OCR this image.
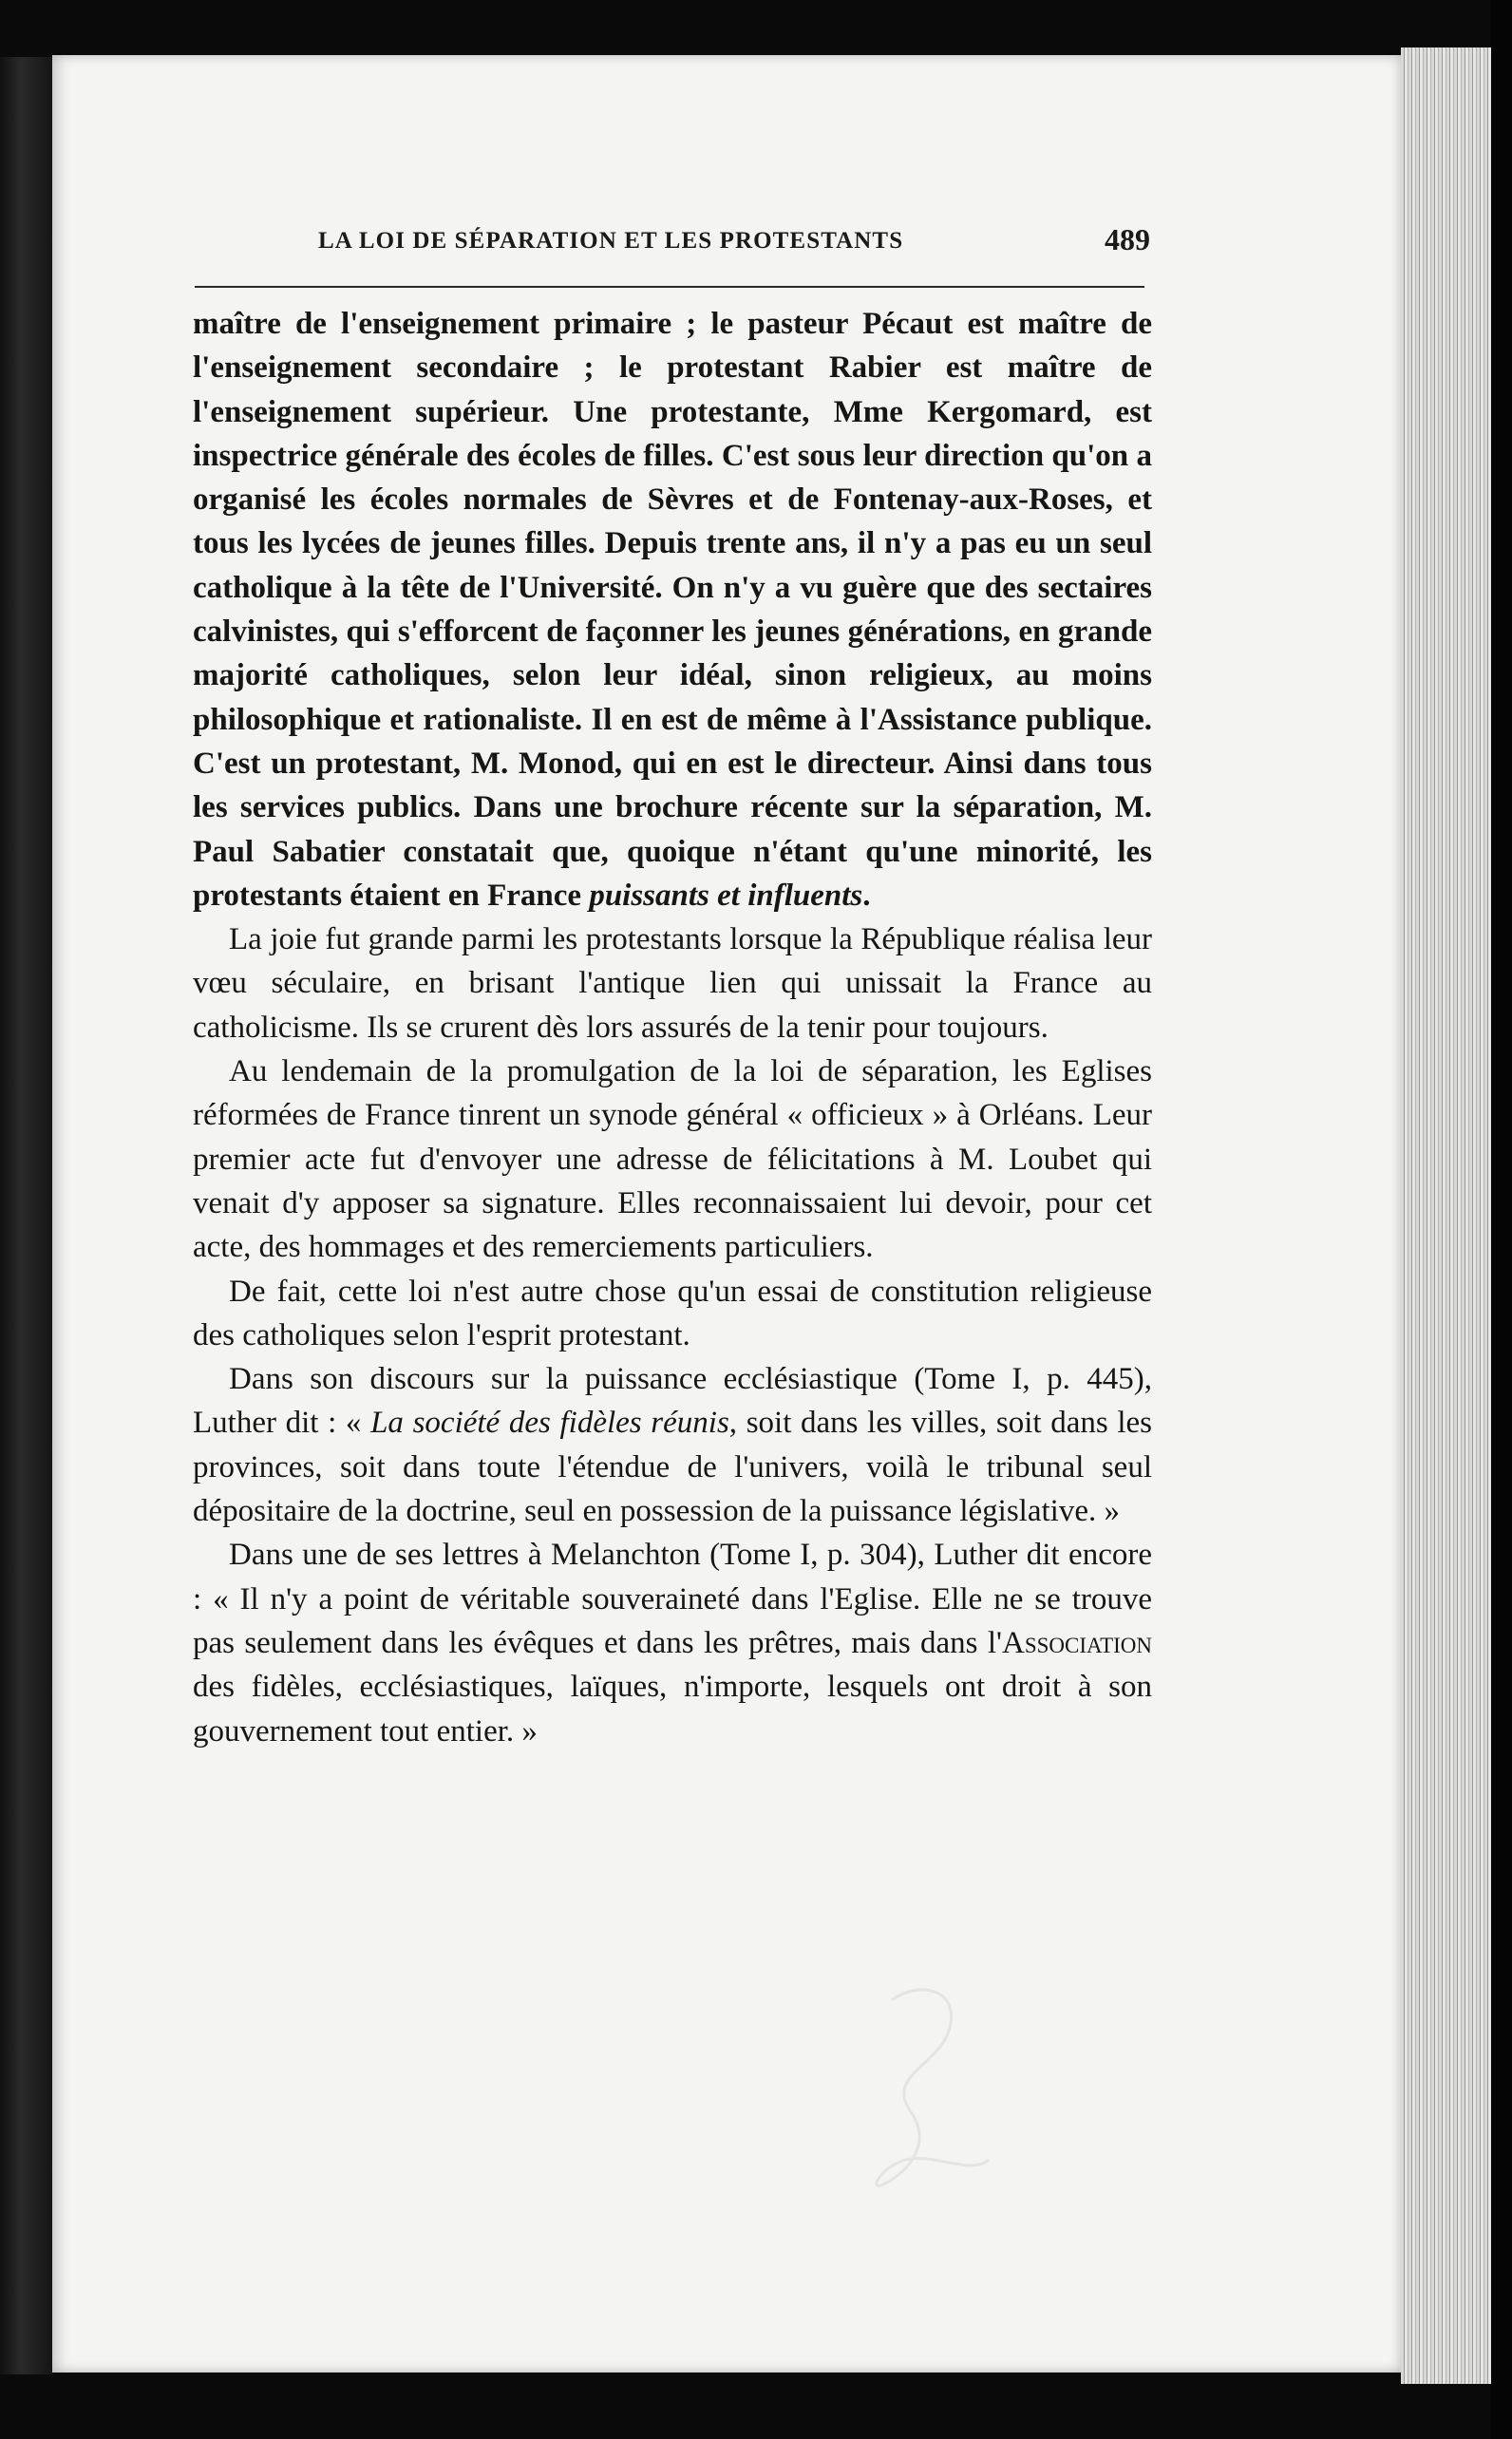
LA LOI DE SÉPARATION ET LES PROTESTANTS	489

maître de l'enseignement primaire ; le pasteur Pécaut est maître de l'enseignement secondaire ; le protestant Rabier est maître de l'enseignement supérieur. Une protestante, Mme Kergomard, est inspectrice générale des écoles de filles. C'est sous leur direction qu'on a organisé les écoles normales de Sèvres et de Fontenay-aux-Roses, et tous les lycées de jeunes filles. Depuis trente ans, il n'y a pas eu un seul catholique à la tête de l'Université. On n'y a vu guère que des sectaires calvinistes, qui s'efforcent de façonner les jeunes générations, en grande majorité catholiques, selon leur idéal, sinon religieux, au moins philosophique et rationaliste. Il en est de même à l'Assistance publique. C'est un protestant, M. Monod, qui en est le directeur. Ainsi dans tous les services publics. Dans une brochure récente sur la séparation, M. Paul Sabatier constatait que, quoique n'étant qu'une minorité, les protestants étaient en France puissants et influents.

La joie fut grande parmi les protestants lorsque la République réalisa leur vœu séculaire, en brisant l'antique lien qui unissait la France au catholicisme. Ils se crurent dès lors assurés de la tenir pour toujours.

Au lendemain de la promulgation de la loi de séparation, les Eglises réformées de France tinrent un synode général « officieux » à Orléans. Leur premier acte fut d'envoyer une adresse de félicitations à M. Loubet qui venait d'y apposer sa signature. Elles reconnaissaient lui devoir, pour cet acte, des hommages et des remerciements particuliers.

De fait, cette loi n'est autre chose qu'un essai de constitution religieuse des catholiques selon l'esprit protestant.

Dans son discours sur la puissance ecclésiastique (Tome I, p. 445), Luther dit : « La société des fidèles réunis, soit dans les villes, soit dans les provinces, soit dans toute l'étendue de l'univers, voilà le tribunal seul dépositaire de la doctrine, seul en possession de la puissance législative. »

Dans une de ses lettres à Melanchton (Tome I, p. 304), Luther dit encore : « Il n'y a point de véritable souveraineté dans l'Eglise. Elle ne se trouve pas seulement dans les évêques et dans les prêtres, mais dans l'Association des fidèles, ecclésiastiques, laïques, n'importe, lesquels ont droit à son gouvernement tout entier. »
